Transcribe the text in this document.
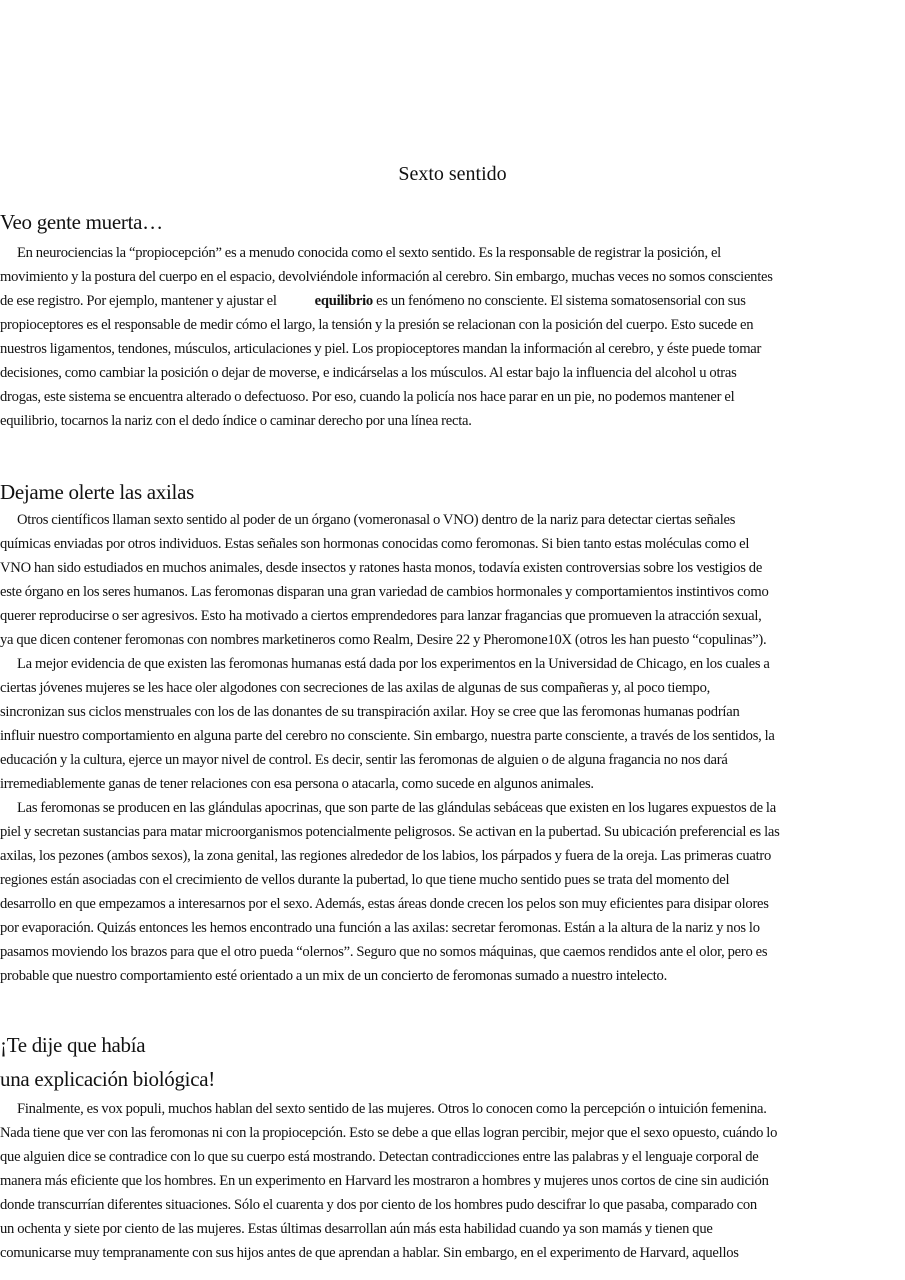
Sexto sentido
Veo gente muerta…
En neurociencias la “propiocepción” es a menudo conocida como el sexto sentido. Es la responsable de registrar la posición, el
movimiento y la postura del cuerpo en el espacio, devolviéndole información al cerebro. Sin embargo, muchas veces no somos conscientes
de ese registro. Por ejemplo, mantener y ajustar el	equilibrio es un fenómeno no consciente. El sistema somatosensorial con sus
propioceptores es el responsable de medir cómo el largo, la tensión y la presión se relacionan con la posición del cuerpo. Esto sucede en
nuestros ligamentos, tendones, músculos, articulaciones y piel. Los propioceptores mandan la información al cerebro, y éste puede tomar
decisiones, como cambiar la posición o dejar de moverse, e indicárselas a los músculos. Al estar bajo la influencia del alcohol u otras
drogas, este sistema se encuentra alterado o defectuoso. Por eso, cuando la policía nos hace parar en un pie, no podemos mantener el
equilibrio, tocarnos la nariz con el dedo índice o caminar derecho por una línea recta.
Dejame olerte las axilas
Otros científicos llaman sexto sentido al poder de un órgano (vomeronasal o VNO) dentro de la nariz para detectar ciertas señales
químicas enviadas por otros individuos. Estas señales son hormonas conocidas como feromonas. Si bien tanto estas moléculas como el
VNO han sido estudiados en muchos animales, desde insectos y ratones hasta monos, todavía existen controversias sobre los vestigios de
este órgano en los seres humanos. Las feromonas disparan una gran variedad de cambios hormonales y comportamientos instintivos como
querer reproducirse o ser agresivos. Esto ha motivado a ciertos emprendedores para lanzar fragancias que promueven la atracción sexual,
ya que dicen contener feromonas con nombres marketineros como Realm, Desire 22 y Pheromone10X (otros les han puesto “copulinas”).
La mejor evidencia de que existen las feromonas humanas está dada por los experimentos en la Universidad de Chicago, en los cuales a
ciertas jóvenes mujeres se les hace oler algodones con secreciones de las axilas de algunas de sus compañeras y, al poco tiempo,
sincronizan sus ciclos menstruales con los de las donantes de su transpiración axilar. Hoy se cree que las feromonas humanas podrían
influir nuestro comportamiento en alguna parte del cerebro no consciente. Sin embargo, nuestra parte consciente, a través de los sentidos, la
educación y la cultura, ejerce un mayor nivel de control. Es decir, sentir las feromonas de alguien o de alguna fragancia no nos dará
irremediablemente ganas de tener relaciones con esa persona o atacarla, como sucede en algunos animales.
Las feromonas se producen en las glándulas apocrinas, que son parte de las glándulas sebáceas que existen en los lugares expuestos de la
piel y secretan sustancias para matar microorganismos potencialmente peligrosos. Se activan en la pubertad. Su ubicación preferencial es las
axilas, los pezones (ambos sexos), la zona genital, las regiones alrededor de los labios, los párpados y fuera de la oreja. Las primeras cuatro
regiones están asociadas con el crecimiento de vellos durante la pubertad, lo que tiene mucho sentido pues se trata del momento del
desarrollo en que empezamos a interesarnos por el sexo. Además, estas áreas donde crecen los pelos son muy eficientes para disipar olores
por evaporación. Quizás entonces les hemos encontrado una función a las axilas: secretar feromonas. Están a la altura de la nariz y nos lo
pasamos moviendo los brazos para que el otro pueda “olernos”. Seguro que no somos máquinas, que caemos rendidos ante el olor, pero es
probable que nuestro comportamiento esté orientado a un mix de un concierto de feromonas sumado a nuestro intelecto.
¡Te dije que había
una explicación biológica!
Finalmente, es vox populi, muchos hablan del sexto sentido de las mujeres. Otros lo conocen como la percepción o intuición femenina.
Nada tiene que ver con las feromonas ni con la propiocepción. Esto se debe a que ellas logran percibir, mejor que el sexo opuesto, cuándo lo
que alguien dice se contradice con lo que su cuerpo está mostrando. Detectan contradicciones entre las palabras y el lenguaje corporal de
manera más eficiente que los hombres. En un experimento en Harvard les mostraron a hombres y mujeres unos cortos de cine sin audición
donde transcurrían diferentes situaciones. Sólo el cuarenta y dos por ciento de los hombres pudo descifrar lo que pasaba, comparado con
un ochenta y siete por ciento de las mujeres. Estas últimas desarrollan aún más esta habilidad cuando ya son mamás y tienen que
comunicarse muy tempranamente con sus hijos antes de que aprendan a hablar. Sin embargo, en el experimento de Harvard, aquellos
